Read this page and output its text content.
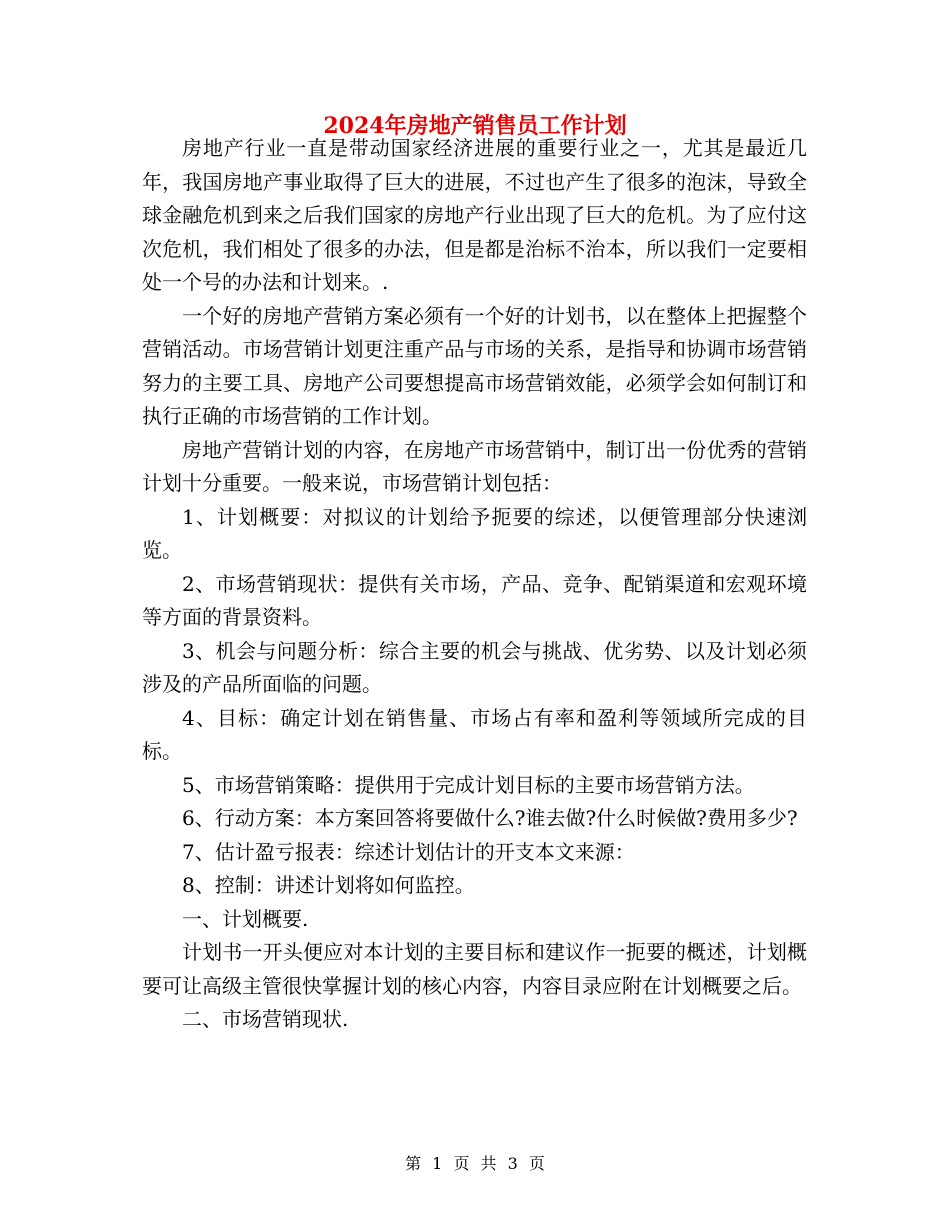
2024年房地产销售员工作计划

房地产行业一直是带动国家经济进展的重要行业之一，尤其是最近几年，我国房地产事业取得了巨大的进展，不过也产生了很多的泡沫，导致全球金融危机到来之后我们国家的房地产行业出现了巨大的危机。为了应付这次危机，我们相处了很多的办法，但是都是治标不治本，所以我们一定要相处一个号的办法和计划来。.

一个好的房地产营销方案必须有一个好的计划书，以在整体上把握整个营销活动。市场营销计划更注重产品与市场的关系，是指导和协调市场营销努力的主要工具、房地产公司要想提高市场营销效能，必须学会如何制订和执行正确的市场营销的工作计划。

房地产营销计划的内容，在房地产市场营销中，制订出一份优秀的营销计划十分重要。一般来说，市场营销计划包括：

1、计划概要：对拟议的计划给予扼要的综述，以便管理部分快速浏览。

2、市场营销现状：提供有关市场，产品、竞争、配销渠道和宏观环境等方面的背景资料。

3、机会与问题分析：综合主要的机会与挑战、优劣势、以及计划必须涉及的产品所面临的问题。

4、目标：确定计划在销售量、市场占有率和盈利等领域所完成的目标。

5、市场营销策略：提供用于完成计划目标的主要市场营销方法。

6、行动方案：本方案回答将要做什么?谁去做?什么时候做?费用多少?

7、估计盈亏报表：综述计划估计的开支本文来源：

8、控制：讲述计划将如何监控。

一、计划概要.

计划书一开头便应对本计划的主要目标和建议作一扼要的概述，计划概要可让高级主管很快掌握计划的核心内容，内容目录应附在计划概要之后。

二、市场营销现状.

第 1 页 共 3 页
